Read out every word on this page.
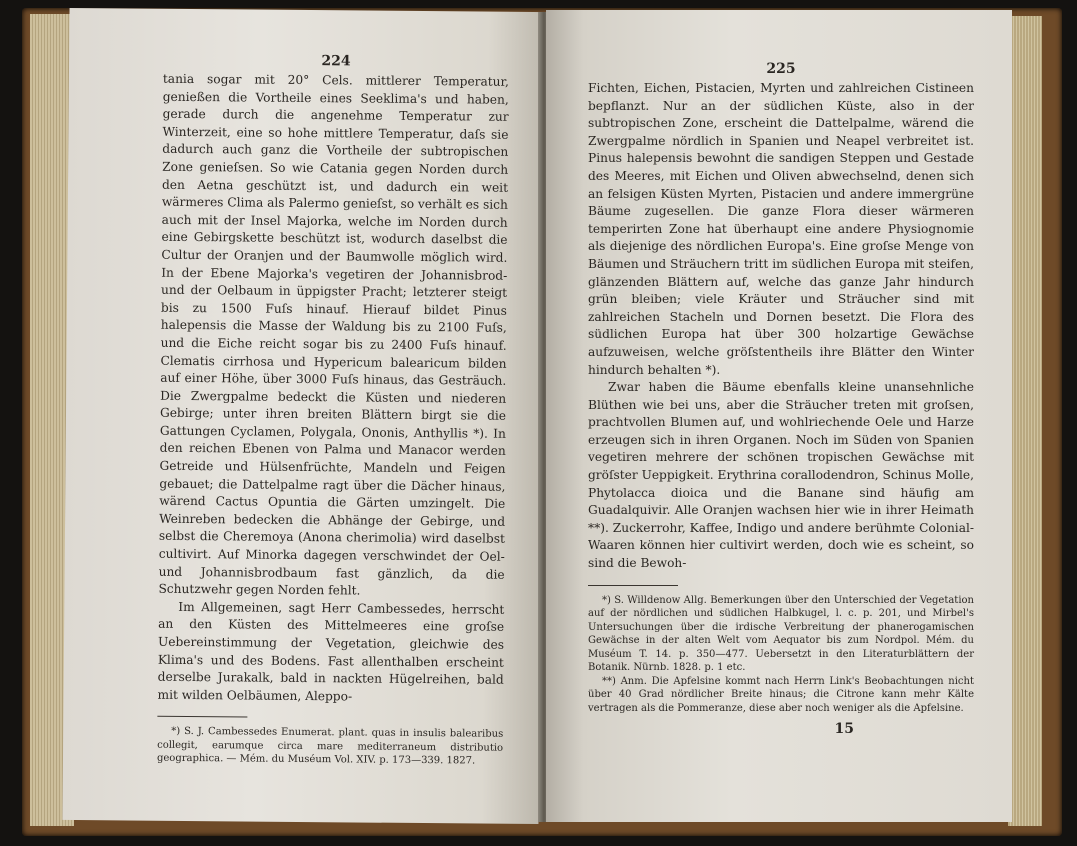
224

tania sogar mit 20° Cels. mittlerer Temperatur, genießen die Vortheile eines Seeklima's und haben, gerade durch die angenehme Temperatur zur Winterzeit, eine so hohe mittlere Temperatur, daſs sie dadurch auch ganz die Vortheile der subtropischen Zone genieſsen. So wie Catania gegen Norden durch den Aetna geschützt ist, und dadurch ein weit wärmeres Clima als Palermo genieſst, so verhält es sich auch mit der Insel Majorka, welche im Norden durch eine Gebirgskette beschützt ist, wodurch daselbst die Cultur der Oranjen und der Baumwolle möglich wird. In der Ebene Majorka's vegetiren der Johannisbrod- und der Oelbaum in üppigster Pracht; letzterer steigt bis zu 1500 Fuſs hinauf. Hierauf bildet Pinus halepensis die Masse der Waldung bis zu 2100 Fuſs, und die Eiche reicht sogar bis zu 2400 Fuſs hinauf. Clematis cirrhosa und Hypericum balearicum bilden auf einer Höhe, über 3000 Fuſs hinaus, das Gesträuch. Die Zwergpalme bedeckt die Küsten und niederen Gebirge; unter ihren breiten Blättern birgt sie die Gattungen Cyclamen, Polygala, Ononis, Anthyllis *). In den reichen Ebenen von Palma und Manacor werden Getreide und Hülsenfrüchte, Mandeln und Feigen gebauet; die Dattelpalme ragt über die Dächer hinaus, wärend Cactus Opuntia die Gärten umzingelt. Die Weinreben bedecken die Abhänge der Gebirge, und selbst die Cheremoya (Anona cherimolia) wird daselbst cultivirt. Auf Minorka dagegen verschwindet der Oel- und Johannisbrodbaum fast gänzlich, da die Schutzwehr gegen Norden fehlt.

Im Allgemeinen, sagt Herr Cambessedes, herrscht an den Küsten des Mittelmeeres eine groſse Uebereinstimmung der Vegetation, gleichwie des Klima's und des Bodens. Fast allenthalben erscheint derselbe Jurakalk, bald in nackten Hügelreihen, bald mit wilden Oelbäumen, Aleppo-

*) S. J. Cambessedes Enumerat. plant. quas in insulis balearibus collegit, earumque circa mare mediterraneum distributio geographica. — Mém. du Muséum Vol. XIV. p. 173—339. 1827.

225

Fichten, Eichen, Pistacien, Myrten und zahlreichen Cistineen bepflanzt. Nur an der südlichen Küste, also in der subtropischen Zone, erscheint die Dattelpalme, wärend die Zwergpalme nördlich in Spanien und Neapel verbreitet ist. Pinus halepensis bewohnt die sandigen Steppen und Gestade des Meeres, mit Eichen und Oliven abwechselnd, denen sich an felsigen Küsten Myrten, Pistacien und andere immergrüne Bäume zugesellen. Die ganze Flora dieser wärmeren temperirten Zone hat überhaupt eine andere Physiognomie als diejenige des nördlichen Europa's. Eine groſse Menge von Bäumen und Sträuchern tritt im südlichen Europa mit steifen, glänzenden Blättern auf, welche das ganze Jahr hindurch grün bleiben; viele Kräuter und Sträucher sind mit zahlreichen Stacheln und Dornen besetzt. Die Flora des südlichen Europa hat über 300 holzartige Gewächse aufzuweisen, welche gröſstentheils ihre Blätter den Winter hindurch behalten *).

Zwar haben die Bäume ebenfalls kleine unansehnliche Blüthen wie bei uns, aber die Sträucher treten mit groſsen, prachtvollen Blumen auf, und wohlriechende Oele und Harze erzeugen sich in ihren Organen. Noch im Süden von Spanien vegetiren mehrere der schönen tropischen Gewächse mit gröſster Ueppigkeit. Erythrina corallodendron, Schinus Molle, Phytolacca dioica und die Banane sind häufig am Guadalquivir. Alle Oranjen wachsen hier wie in ihrer Heimath **). Zuckerrohr, Kaffee, Indigo und andere berühmte Colonial-Waaren können hier cultivirt werden, doch wie es scheint, so sind die Bewoh-

*) S. Willdenow Allg. Bemerkungen über den Unterschied der Vegetation auf der nördlichen und südlichen Halbkugel, l. c. p. 201, und Mirbel's Untersuchungen über die irdische Verbreitung der phanerogamischen Gewächse in der alten Welt vom Aequator bis zum Nordpol. Mém. du Muséum T. 14. p. 350—477. Uebersetzt in den Literaturblättern der Botanik. Nürnb. 1828. p. 1 etc.

**) Anm. Die Apfelsine kommt nach Herrn Link's Beobachtungen nicht über 40 Grad nördlicher Breite hinaus; die Citrone kann mehr Kälte vertragen als die Pommeranze, diese aber noch weniger als die Apfelsine.

15
